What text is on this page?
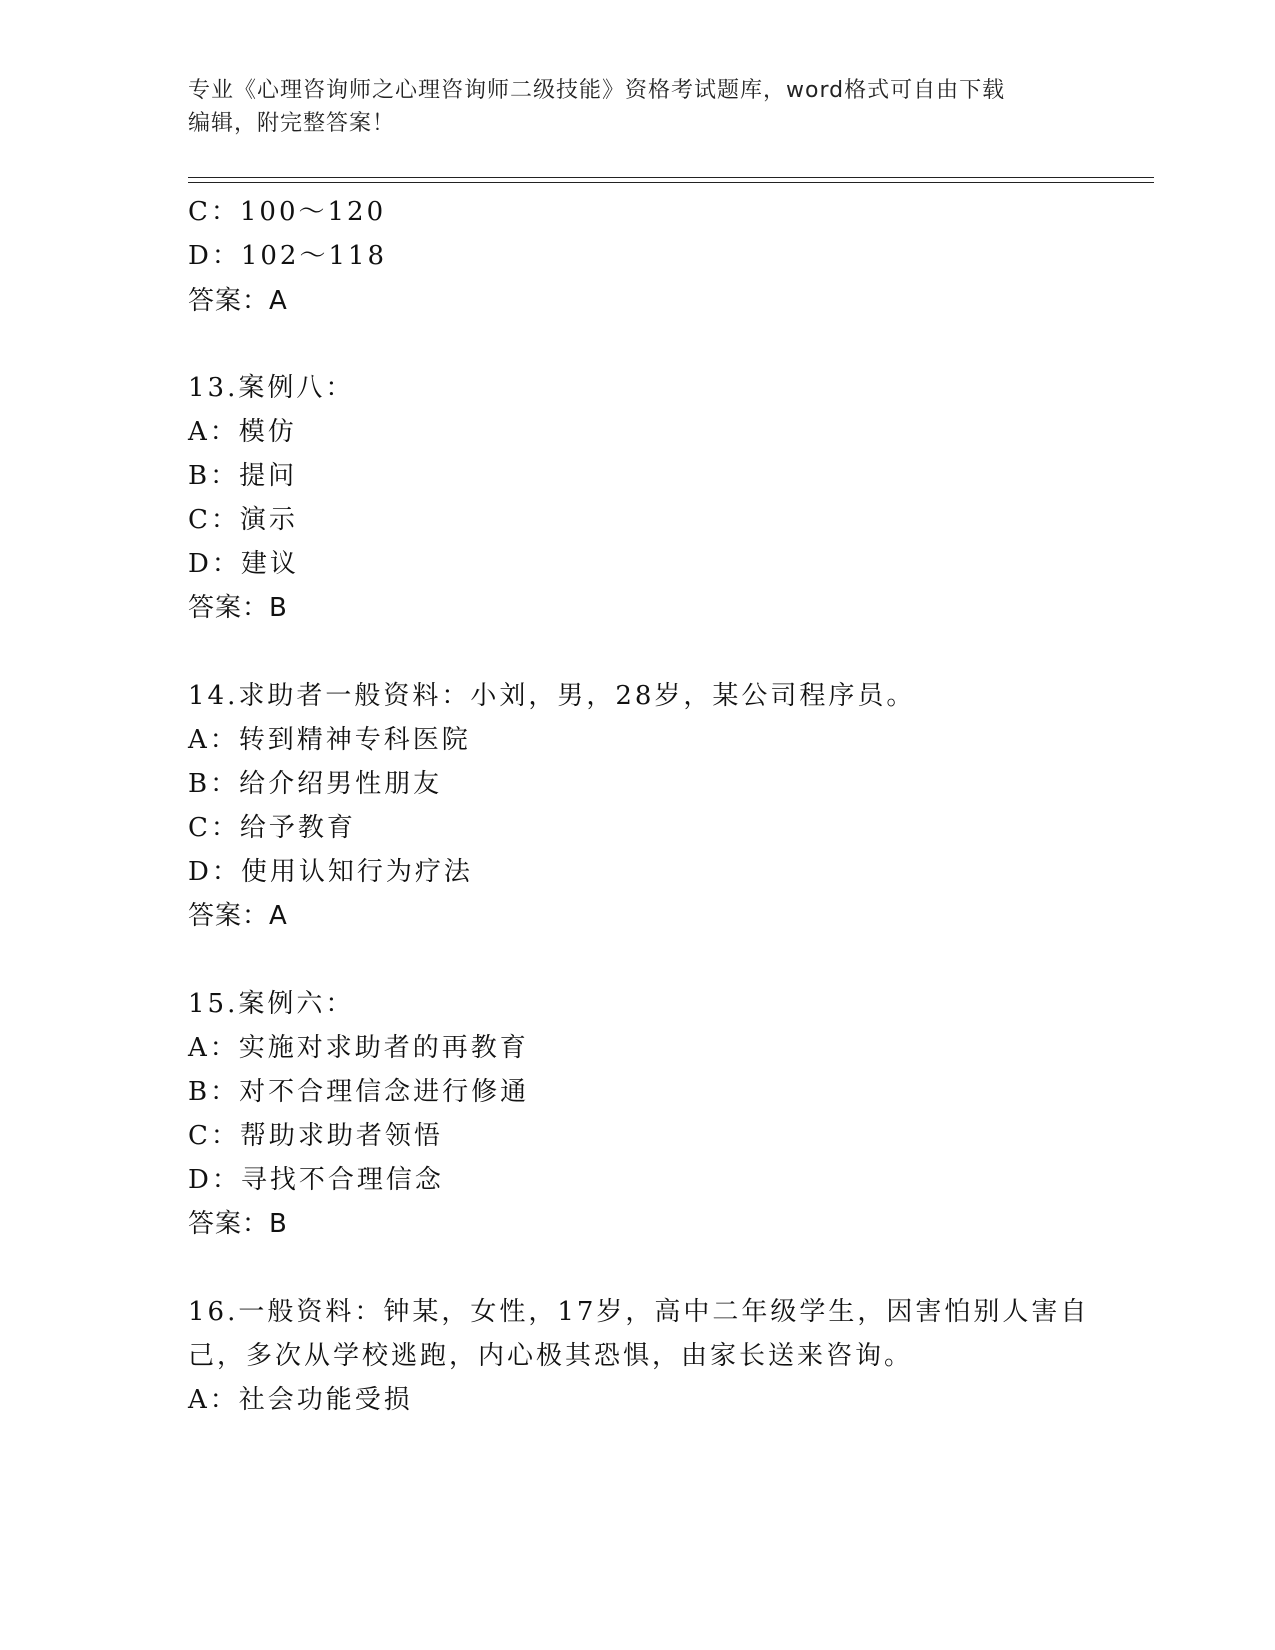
专业《心理咨询师之心理咨询师二级技能》资格考试题库，word格式可自由下载
编辑，附完整答案！
C：100～120
D：102～118
答案：A
13.案例八：
A：模仿
B：提问
C：演示
D：建议
答案：B
14.求助者一般资料：小刘，男，28岁，某公司程序员。
A：转到精神专科医院
B：给介绍男性朋友
C：给予教育
D：使用认知行为疗法
答案：A
15.案例六：
A：实施对求助者的再教育
B：对不合理信念进行修通
C：帮助求助者领悟
D：寻找不合理信念
答案：B
16.一般资料：钟某，女性，17岁，高中二年级学生，因害怕别人害自
己，多次从学校逃跑，内心极其恐惧，由家长送来咨询。
A：社会功能受损
